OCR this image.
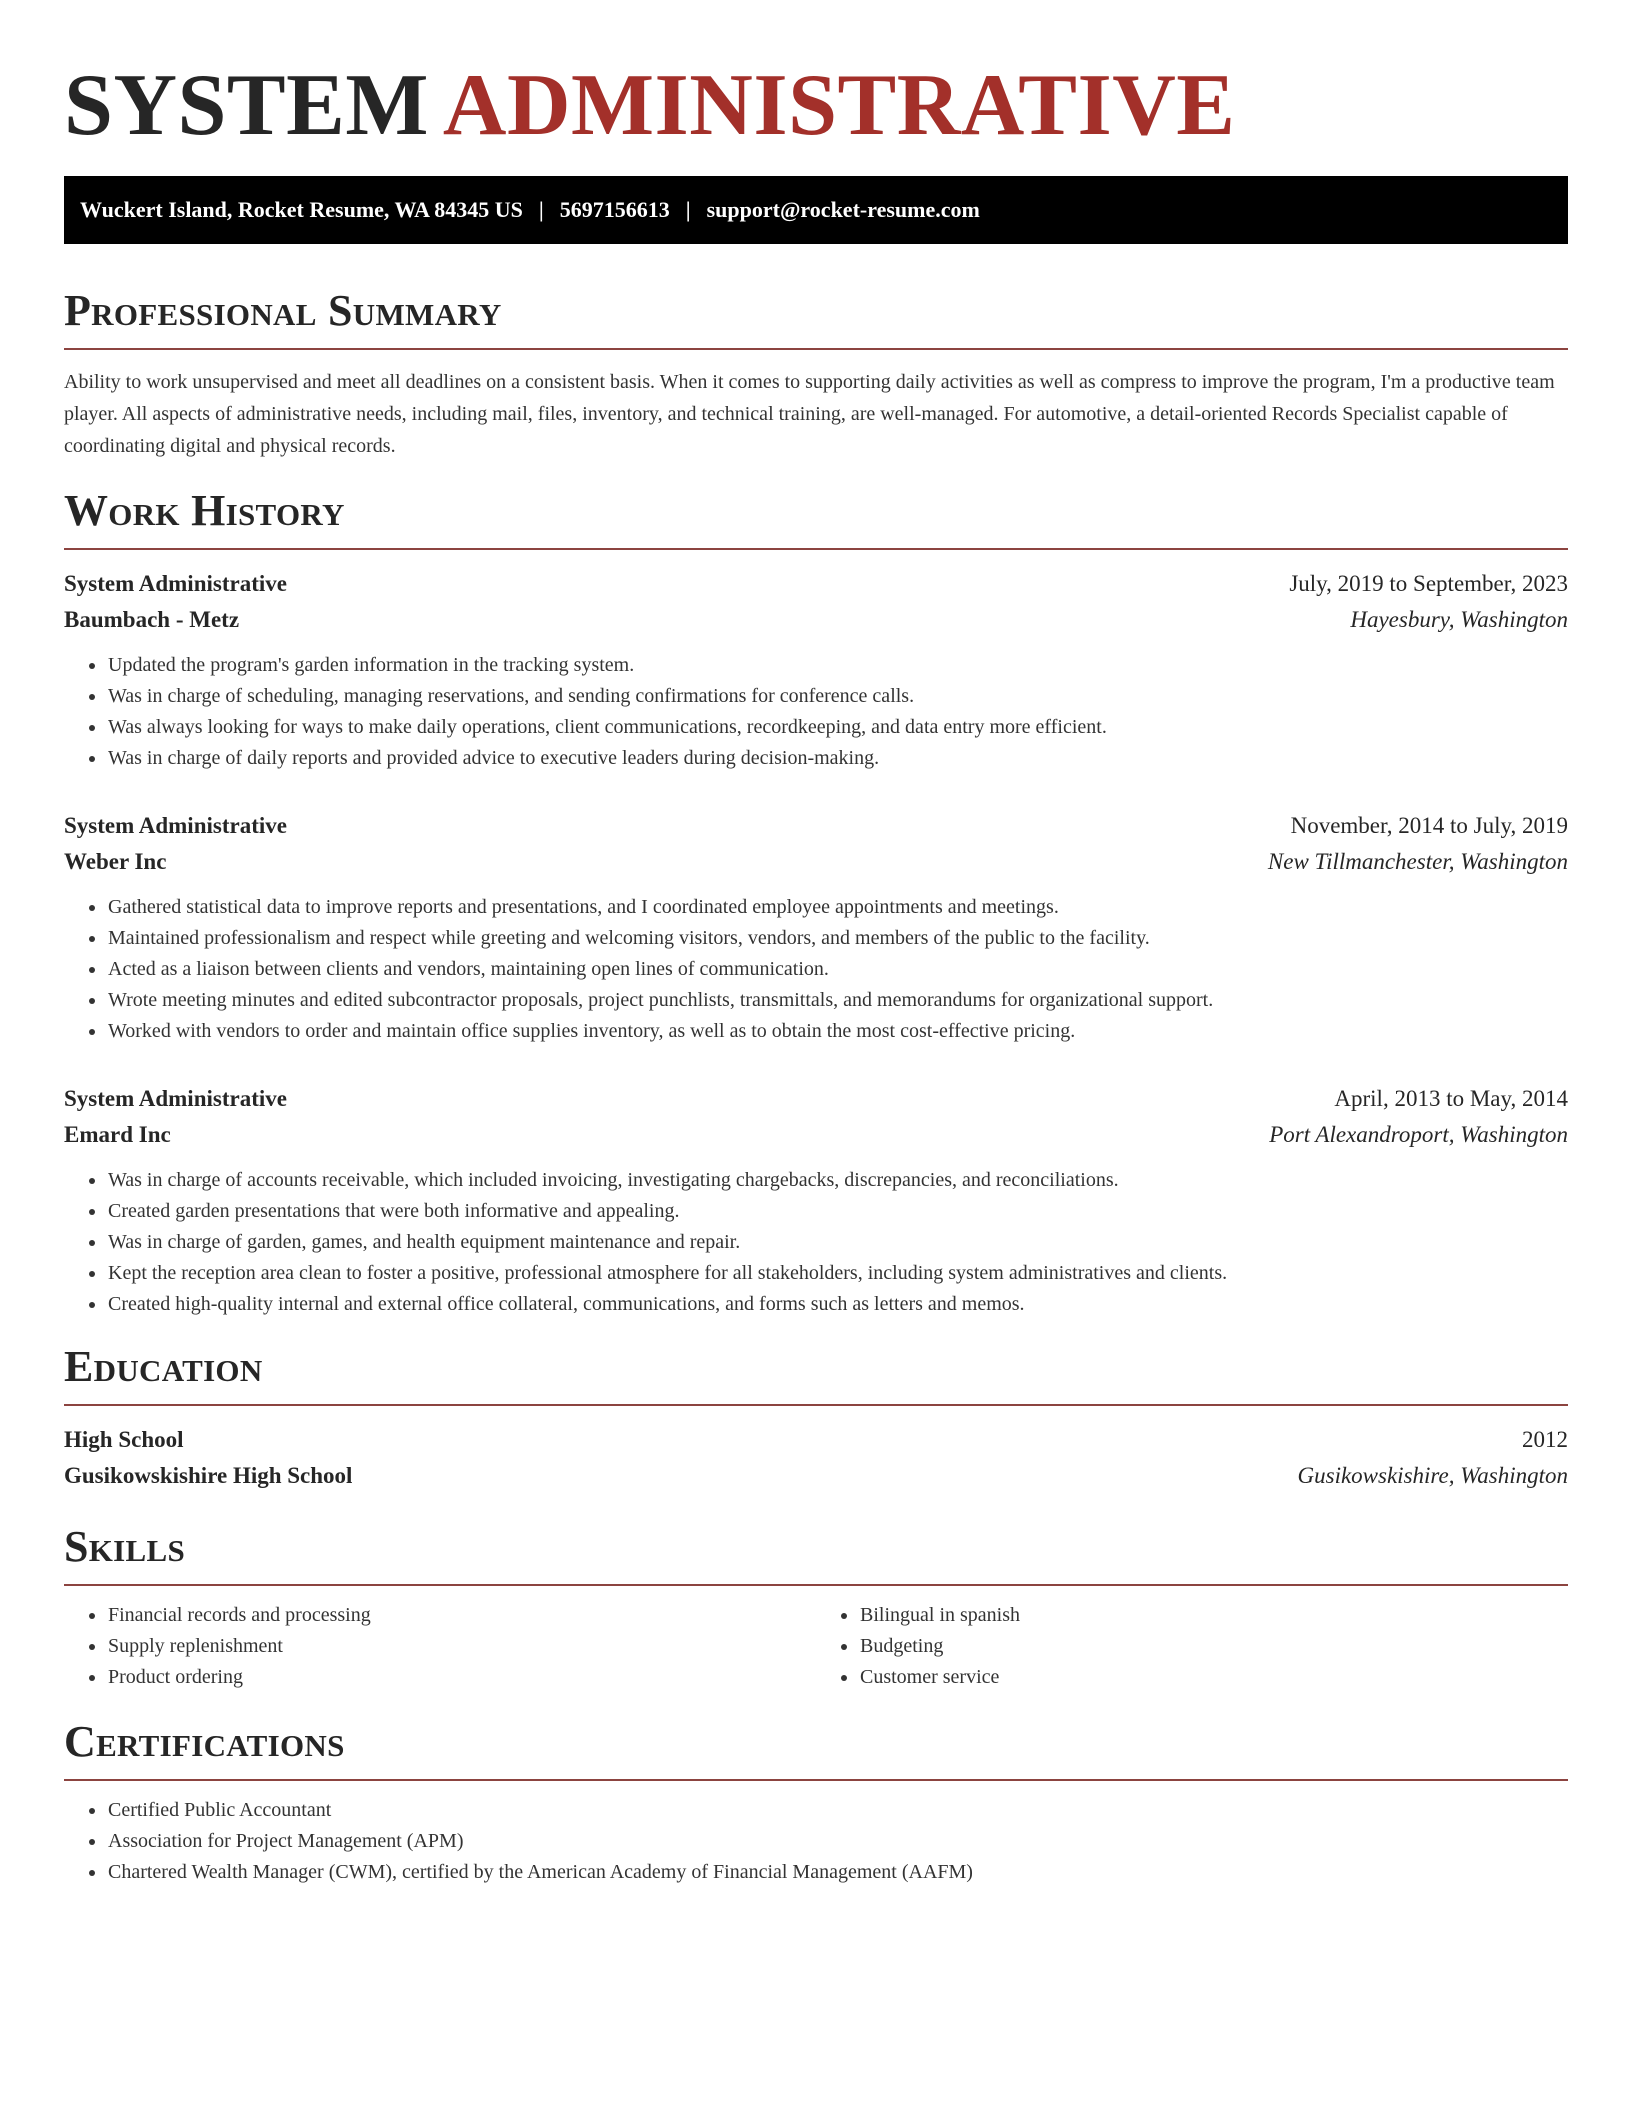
SYSTEM ADMINISTRATIVE
Wuckert Island, Rocket Resume, WA 84345 US | 5697156613 | support@rocket-resume.com
Professional Summary

Ability to work unsupervised and meet all deadlines on a consistent basis. When it comes to supporting daily activities as well as compress to improve the program, I'm a productive team player. All aspects of administrative needs, including mail, files, inventory, and technical training, are well-managed. For automotive, a detail-oriented Records Specialist capable of coordinating digital and physical records.

Work History
System Administrative	July, 2019 to September, 2023
Baumbach - Metz	Hayesbury, Washington
• Updated the program's garden information in the tracking system.
• Was in charge of scheduling, managing reservations, and sending confirmations for conference calls.
• Was always looking for ways to make daily operations, client communications, recordkeeping, and data entry more efficient.
• Was in charge of daily reports and provided advice to executive leaders during decision-making.
System Administrative	November, 2014 to July, 2019
Weber Inc	New Tillmanchester, Washington
• Gathered statistical data to improve reports and presentations, and I coordinated employee appointments and meetings.
• Maintained professionalism and respect while greeting and welcoming visitors, vendors, and members of the public to the facility.
• Acted as a liaison between clients and vendors, maintaining open lines of communication.
• Wrote meeting minutes and edited subcontractor proposals, project punchlists, transmittals, and memorandums for organizational support.
• Worked with vendors to order and maintain office supplies inventory, as well as to obtain the most cost-effective pricing.
System Administrative	April, 2013 to May, 2014
Emard Inc	Port Alexandroport, Washington
• Was in charge of accounts receivable, which included invoicing, investigating chargebacks, discrepancies, and reconciliations.
• Created garden presentations that were both informative and appealing.
• Was in charge of garden, games, and health equipment maintenance and repair.
• Kept the reception area clean to foster a positive, professional atmosphere for all stakeholders, including system administratives and clients.
• Created high-quality internal and external office collateral, communications, and forms such as letters and memos.
Education
High School	2012
Gusikowskishire High School	Gusikowskishire, Washington
Skills
• Financial records and processing
• Supply replenishment
• Product ordering
• Bilingual in spanish
• Budgeting
• Customer service
Certifications
• Certified Public Accountant
• Association for Project Management (APM)
• Chartered Wealth Manager (CWM), certified by the American Academy of Financial Management (AAFM)
